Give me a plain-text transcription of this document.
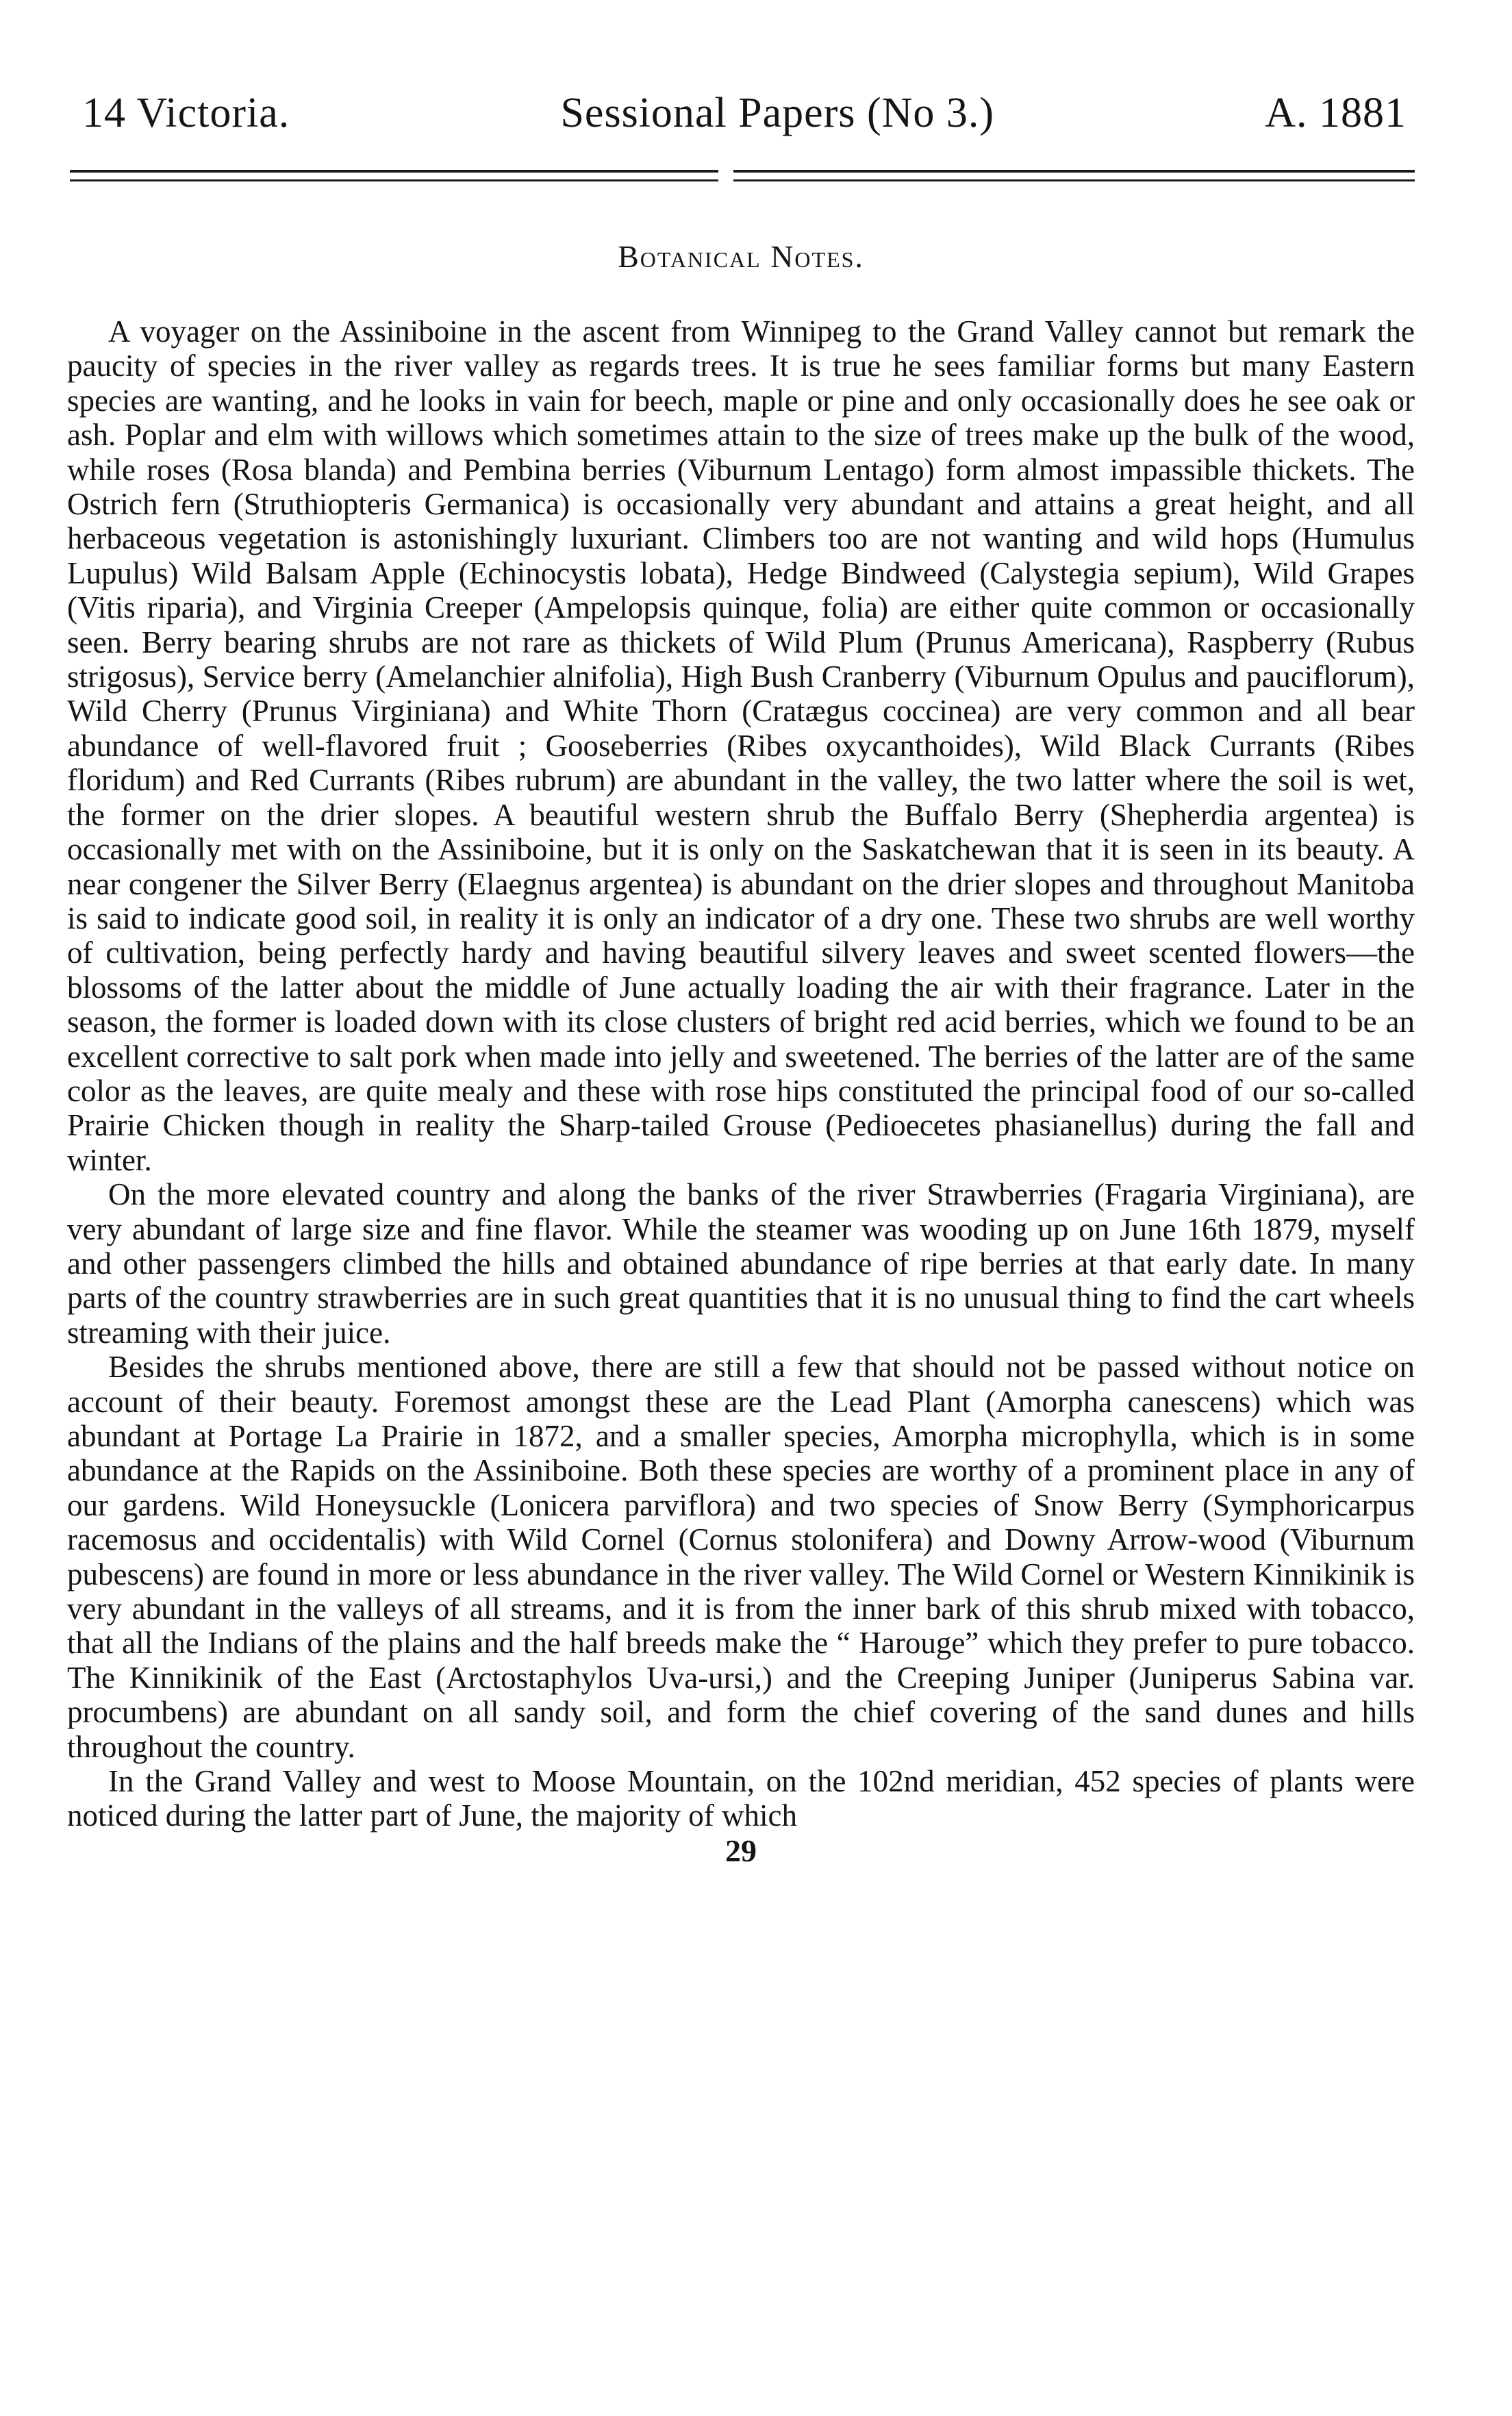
14 Victoria.	Sessional Papers (No 3.)	A. 1881
Botanical Notes.

A voyager on the Assiniboine in the ascent from Winnipeg to the Grand Valley cannot but remark the paucity of species in the river valley as regards trees. It is true he sees familiar forms but many Eastern species are wanting, and he looks in vain for beech, maple or pine and only occasionally does he see oak or ash. Poplar and elm with willows which sometimes attain to the size of trees make up the bulk of the wood, while roses (Rosa blanda) and Pembina berries (Viburnum Lentago) form almost impassible thickets. The Ostrich fern (Struthiopteris Germanica) is occasionally very abundant and attains a great height, and all herbaceous vegetation is astonishingly luxuriant. Climbers too are not wanting and wild hops (Humulus Lupulus) Wild Balsam Apple (Echinocystis lobata), Hedge Bindweed (Calystegia sepium), Wild Grapes (Vitis riparia), and Virginia Creeper (Ampelopsis quinque, folia) are either quite common or occasionally seen. Berry bearing shrubs are not rare as thickets of Wild Plum (Prunus Americana), Raspberry (Rubus strigosus), Service berry (Amelanchier alnifolia), High Bush Cranberry (Viburnum Opulus and pauciflorum), Wild Cherry (Prunus Virginiana) and White Thorn (Cratægus coccinea) are very common and all bear abundance of well-flavored fruit ; Gooseberries (Ribes oxycanthoides), Wild Black Currants (Ribes floridum) and Red Currants (Ribes rubrum) are abundant in the valley, the two latter where the soil is wet, the former on the drier slopes. A beautiful western shrub the Buffalo Berry (Shepherdia argentea) is occasionally met with on the Assiniboine, but it is only on the Saskatchewan that it is seen in its beauty. A near congener the Silver Berry (Elaegnus argentea) is abundant on the drier slopes and throughout Manitoba is said to indicate good soil, in reality it is only an indicator of a dry one. These two shrubs are well worthy of cultivation, being perfectly hardy and having beautiful silvery leaves and sweet scented flowers—the blossoms of the latter about the middle of June actually loading the air with their fragrance. Later in the season, the former is loaded down with its close clusters of bright red acid berries, which we found to be an excellent corrective to salt pork when made into jelly and sweetened. The berries of the latter are of the same color as the leaves, are quite mealy and these with rose hips constituted the principal food of our so-called Prairie Chicken though in reality the Sharp-tailed Grouse (Pedioecetes phasianellus) during the fall and winter.

On the more elevated country and along the banks of the river Strawberries (Fragaria Virginiana), are very abundant of large size and fine flavor. While the steamer was wooding up on June 16th 1879, myself and other passengers climbed the hills and obtained abundance of ripe berries at that early date. In many parts of the country strawberries are in such great quantities that it is no unusual thing to find the cart wheels streaming with their juice.

Besides the shrubs mentioned above, there are still a few that should not be passed without notice on account of their beauty. Foremost amongst these are the Lead Plant (Amorpha canescens) which was abundant at Portage La Prairie in 1872, and a smaller species, Amorpha microphylla, which is in some abundance at the Rapids on the Assiniboine. Both these species are worthy of a prominent place in any of our gardens. Wild Honeysuckle (Lonicera parviflora) and two species of Snow Berry (Symphoricarpus racemosus and occidentalis) with Wild Cornel (Cornus stolonifera) and Downy Arrow-wood (Viburnum pubescens) are found in more or less abundance in the river valley. The Wild Cornel or Western Kinnikinik is very abundant in the valleys of all streams, and it is from the inner bark of this shrub mixed with tobacco, that all the Indians of the plains and the half breeds make the “ Harouge” which they prefer to pure tobacco. The Kinnikinik of the East (Arctostaphylos Uva-ursi,) and the Creeping Juniper (Juniperus Sabina var. procumbens) are abundant on all sandy soil, and form the chief covering of the sand dunes and hills throughout the country.

In the Grand Valley and west to Moose Mountain, on the 102nd meridian, 452 species of plants were noticed during the latter part of June, the majority of which

29
